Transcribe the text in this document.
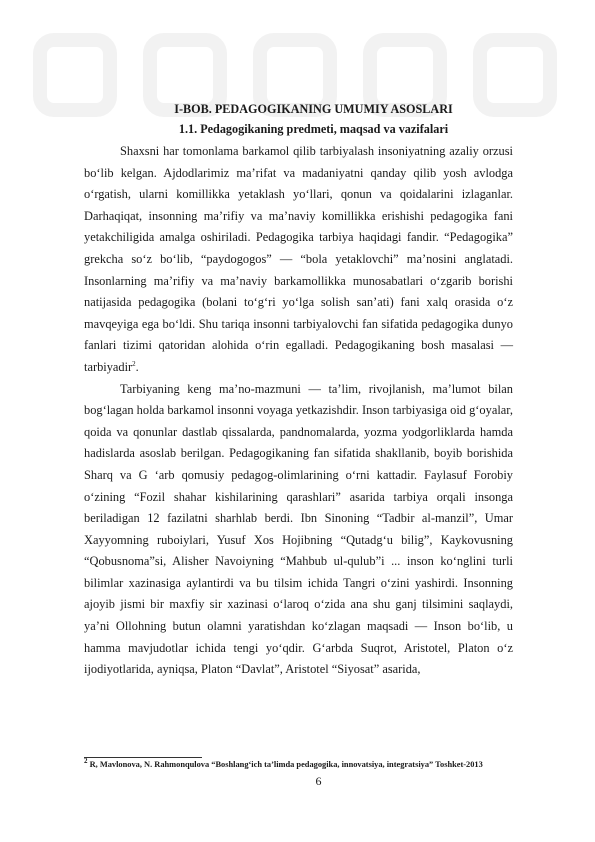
I-BOB. PEDAGOGIKANING UMUMIY ASOSLARI
1.1. Pedagogikaning predmeti, maqsad va vazifalari

Shaxsni har tomonlama barkamol qilib tarbiyalash insoniyatning azaliy orzusi bo‘lib kelgan. Ajdodlarimiz ma’rifat va madaniyatni qanday qilib yosh avlodga o‘rgatish, ularni komillikka yetaklash yo‘llari, qonun va qoidalarini izlaganlar. Darhaqiqat, insonning ma’rifiy va ma’naviy komillikka erishishi pedagogika fani yetakchiligida amalga oshiriladi. Pedagogika tarbiya haqidagi fandir. “Pedagogika” grekcha so‘z bo‘lib, “paydogogos” — “bola yetaklovchi” ma’nosini anglatadi. Insonlarning ma’rifiy va ma’naviy barkamollikka munosabatlari o‘zgarib borishi natijasida pedagogika (bolani to‘g‘ri yo‘lga solish san’ati) fani xalq orasida o‘z mavqeyiga ega bo‘ldi. Shu tariqa insonni tarbiyalovchi fan sifatida pedagogika dunyo fanlari tizimi qatoridan alohida o‘rin egalladi. Pedagogikaning bosh masalasi — tarbiyadir$^2$.

Tarbiyaning keng ma’no-mazmuni — ta’lim, rivojlanish, ma’lumot bilan bog‘lagan holda barkamol insonni voyaga yetkazishdir. Inson tarbiyasiga oid g‘oyalar, qoida va qonunlar dastlab qissalarda, pandnomalarda, yozma yodgorliklarda hamda hadislarda asoslab berilgan. Pedagogikaning fan sifatida shakllanib, boyib borishida Sharq va G ‘arb qomusiy pedagog-olimlarining o‘rni kattadir. Faylasuf Forobiy o‘zining “Fozil shahar kishilarining qarashlari” asarida tarbiya orqali insonga beriladigan 12 fazilatni sharhlab berdi. Ibn Sinoning “Tadbir al-manzil”, Umar Xayyomning ruboiylari, Yusuf Xos Hojibning “Qutadg‘u bilig”, Kaykovusning “Qobusnoma”si, Alisher Navoiyning “Mahbub ul-qulub”i ... inson ko‘nglini turli bilimlar xazinasiga aylantirdi va bu tilsim ichida Tangri o‘zini yashirdi. Insonning ajoyib jismi bir maxfiy sir xazinasi o‘laroq o‘zida ana shu ganj tilsimini saqlaydi, ya’ni Ollohning butun olamni yaratishdan ko‘zlagan maqsadi — Inson bo‘lib, u hamma mavjudotlar ichida tengi yo‘qdir. G‘arbda Suqrot, Aristotel, Platon o‘z ijodiyotlarida, ayniqsa, Platon “Davlat”, Aristotel “Siyosat” asarida,

$^2$ R, Mavlonova, N. Rahmonqulova “Boshlang‘ich ta’limda pedagogika, innovatsiya, integratsiya” Toshket-2013
6
